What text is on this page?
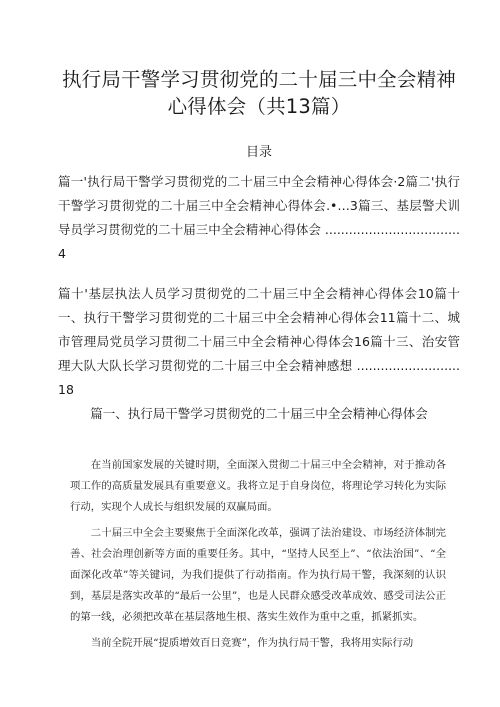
执行局干警学习贯彻党的二十届三中全会精神
心得体会（共13篇）
目录
篇一'执行局干警学习贯彻党的二十届三中全会精神心得体会·2篇二'执行干警学习贯彻党的二十届三中全会精神心得体会.•…3篇三、基层警犬训导员学习贯彻党的二十届三中全会精神心得体会 ..................................4
篇十'基层执法人员学习贯彻党的二十届三中全会精神心得体会10篇十一、执行干警学习贯彻党的二十届三中全会精神心得体会11篇十二、城市管理局党员学习贯彻二十届三中全会精神心得体会16篇十三、治安管理大队大队长学习贯彻党的二十届三中全会精神感想 ..........................18
篇一、执行局干警学习贯彻党的二十届三中全会精神心得体会

在当前国家发展的关键时期，全面深入贯彻二十届三中全会精神，对于推动各项工作的高质量发展具有重要意义。我将立足于自身岗位，将理论学习转化为实际行动，实现个人成长与组织发展的双赢局面。

二十届三中全会主要聚焦于全面深化改革，强调了法治建设、市场经济体制完善、社会治理创新等方面的重要任务。其中，“坚持人民至上”、“依法治国”、“全面深化改革”等关键词，为我们提供了行动指南。作为执行局干警，我深刻的认识到，基层是落实改革的“最后一公里”，也是人民群众感受改革成效、感受司法公正的第一线，必须把改革在基层落地生根、落实生效作为重中之重，抓紧抓实。

当前全院开展“提质增效百日竞赛”，作为执行局干警，我将用实际行动
